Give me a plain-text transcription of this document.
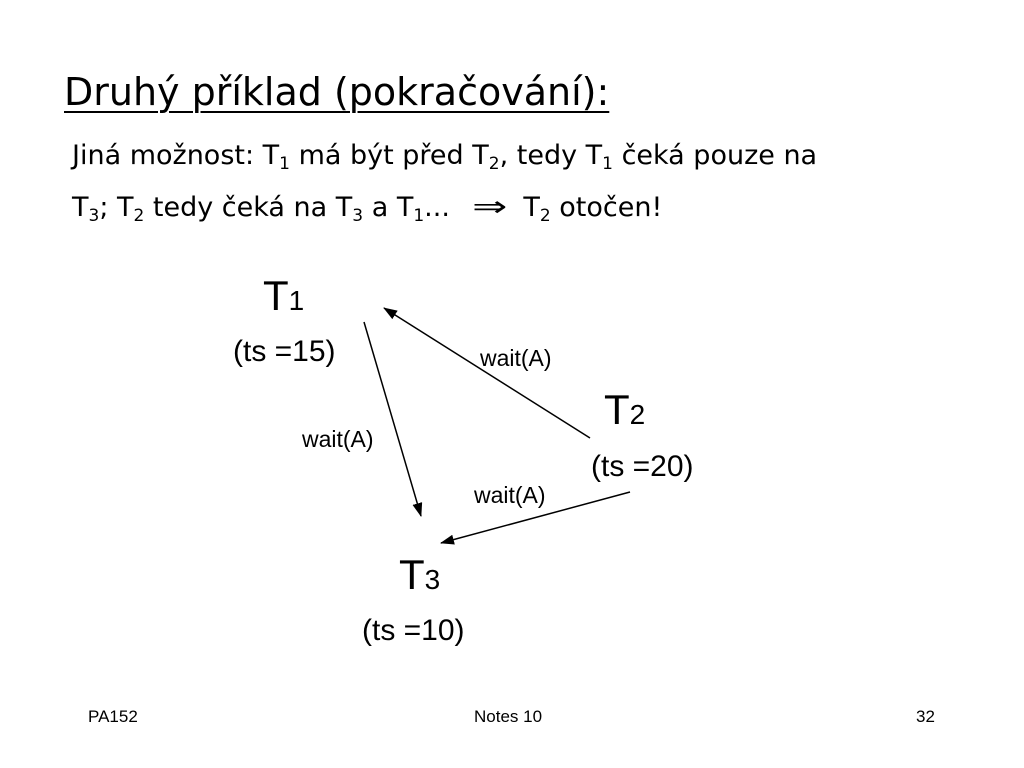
Druhý příklad (pokračování):
Jiná možnost: $T_1$ má být před $T_2$, tedy $T_1$ čeká pouze na
$T_3$; $T_2$ tedy čeká na $T_3$ a $T_1$... ⇒ $T_2$ otočen!
T1
(ts =15)
T2
(ts =20)
T3
(ts =10)
wait(A)
wait(A)
wait(A)
PA152	Notes 10	32
